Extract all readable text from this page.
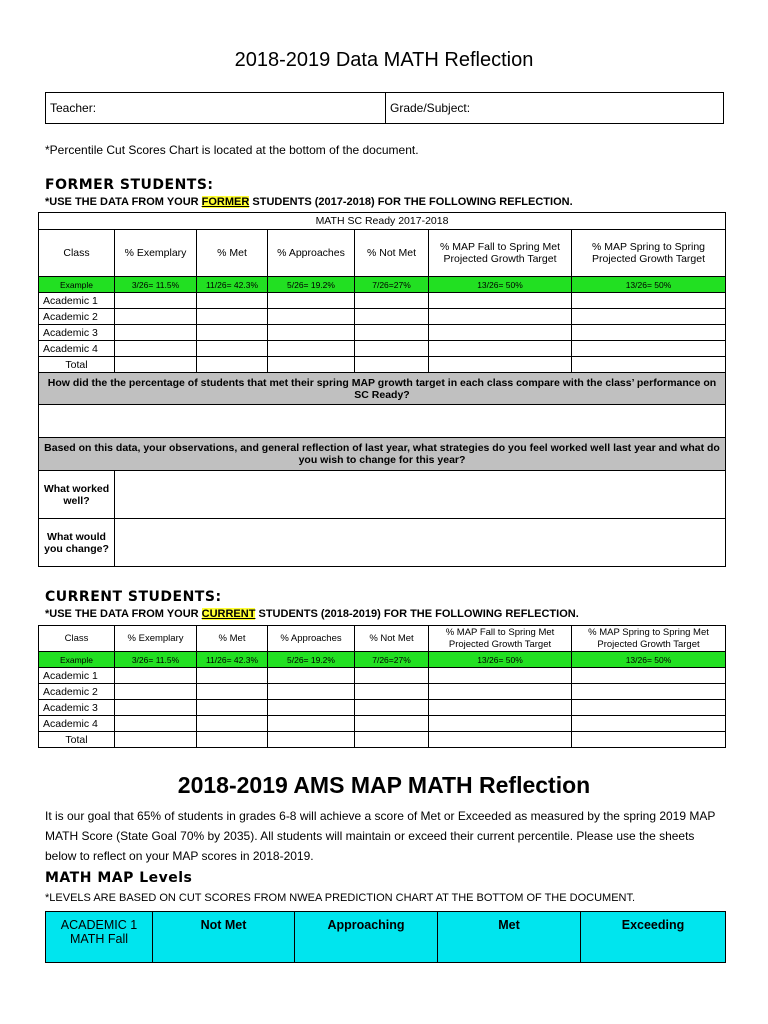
2018-2019 Data MATH Reflection
Teacher:	Grade/Subject:
*Percentile Cut Scores Chart is located at the bottom of the document.
FORMER STUDENTS:
*USE THE DATA FROM YOUR FORMER STUDENTS (2017-2018) FOR THE FOLLOWING REFLECTION.
MATH SC Ready 2017-2018						
Class	% Exemplary	% Met	% Approaches	% Not Met	% MAP Fall to Spring Met Projected Growth Target	% MAP Spring to Spring Projected Growth Target
Example	3/26= 11.5%	11/26= 42.3%	5/26= 19.2%	7/26=27%	13/26= 50%	13/26= 50%
Academic 1						
Academic 2						
Academic 3						
Academic 4						
Total						
How did the the percentage of students that met their spring MAP growth target in each class compare with the class’ performance on SC Ready?						

Based on this data, your observations, and general reflection of last year, what strategies do you feel worked well last year and what do you wish to change for this year?						
What worked well?						
What would you change?						
CURRENT STUDENTS:
*USE THE DATA FROM YOUR CURRENT STUDENTS (2018-2019) FOR THE FOLLOWING REFLECTION.
Class	% Exemplary	% Met	% Approaches	% Not Met	% MAP Fall to Spring Met Projected Growth Target	% MAP Spring to Spring Met Projected Growth Target
Example	3/26= 11.5%	11/26= 42.3%	5/26= 19.2%	7/26=27%	13/26= 50%	13/26= 50%
Academic 1						
Academic 2						
Academic 3						
Academic 4						
Total						
2018-2019 AMS MAP MATH Reflection
It is our goal that 65% of students in grades 6-8 will achieve a score of Met or Exceeded as measured by the spring 2019 MAP MATH Score (State Goal 70% by 2035). All students will maintain or exceed their current percentile. Please use the sheets below to reflect on your MAP scores in 2018-2019.
MATH MAP Levels
*LEVELS ARE BASED ON CUT SCORES FROM NWEA PREDICTION CHART AT THE BOTTOM OF THE DOCUMENT.
ACADEMIC 1
MATH Fall
	Not Met	Approaching	Met	Exceeding
